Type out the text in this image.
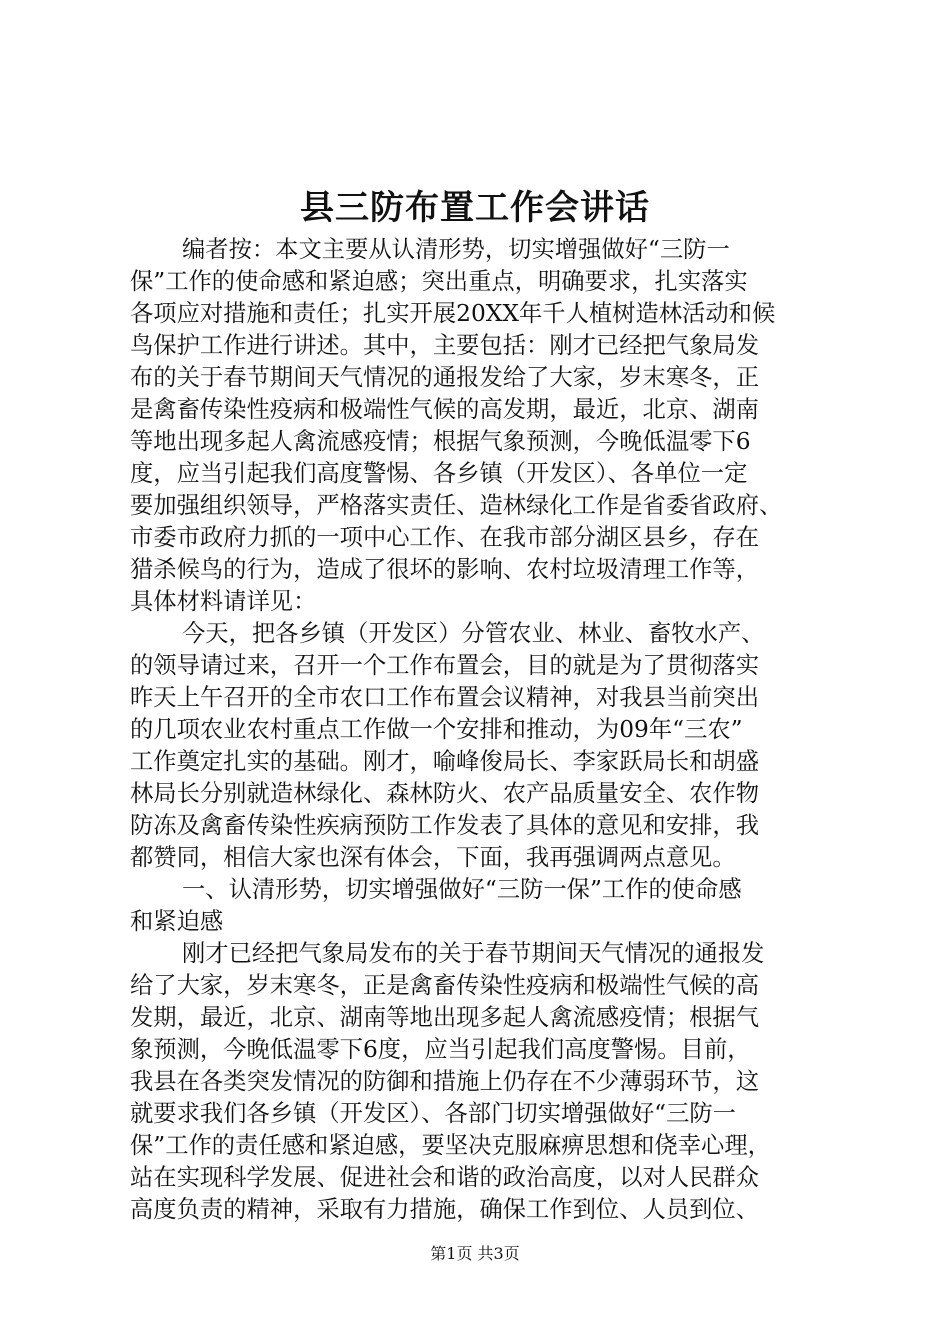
县三防布置工作会讲话
编者按：本文主要从认清形势，切实增强做好“三防一
保”工作的使命感和紧迫感；突出重点，明确要求，扎实落实
各项应对措施和责任；扎实开展20XX年千人植树造林活动和候
鸟保护工作进行讲述。其中，主要包括：刚才已经把气象局发
布的关于春节期间天气情况的通报发给了大家，岁末寒冬，正
是禽畜传染性疫病和极端性气候的高发期，最近，北京、湖南
等地出现多起人禽流感疫情；根据气象预测，今晚低温零下6
度，应当引起我们高度警惕、各乡镇（开发区）、各单位一定
要加强组织领导，严格落实责任、造林绿化工作是省委省政府、
市委市政府力抓的一项中心工作、在我市部分湖区县乡，存在
猎杀候鸟的行为，造成了很坏的影响、农村垃圾清理工作等，
具体材料请详见：
今天，把各乡镇（开发区）分管农业、林业、畜牧水产、
的领导请过来，召开一个工作布置会，目的就是为了贯彻落实
昨天上午召开的全市农口工作布置会议精神，对我县当前突出
的几项农业农村重点工作做一个安排和推动，为09年“三农”
工作奠定扎实的基础。刚才，喻峰俊局长、李家跃局长和胡盛
林局长分别就造林绿化、森林防火、农产品质量安全、农作物
防冻及禽畜传染性疾病预防工作发表了具体的意见和安排，我
都赞同，相信大家也深有体会，下面，我再强调两点意见。
一、认清形势，切实增强做好“三防一保”工作的使命感
和紧迫感
刚才已经把气象局发布的关于春节期间天气情况的通报发
给了大家，岁末寒冬，正是禽畜传染性疫病和极端性气候的高
发期，最近，北京、湖南等地出现多起人禽流感疫情；根据气
象预测，今晚低温零下6度，应当引起我们高度警惕。目前，
我县在各类突发情况的防御和措施上仍存在不少薄弱环节，这
就要求我们各乡镇（开发区）、各部门切实增强做好“三防一
保”工作的责任感和紧迫感，要坚决克服麻痹思想和侥幸心理，
站在实现科学发展、促进社会和谐的政治高度，以对人民群众
高度负责的精神，采取有力措施，确保工作到位、人员到位、
第1页 共3页
